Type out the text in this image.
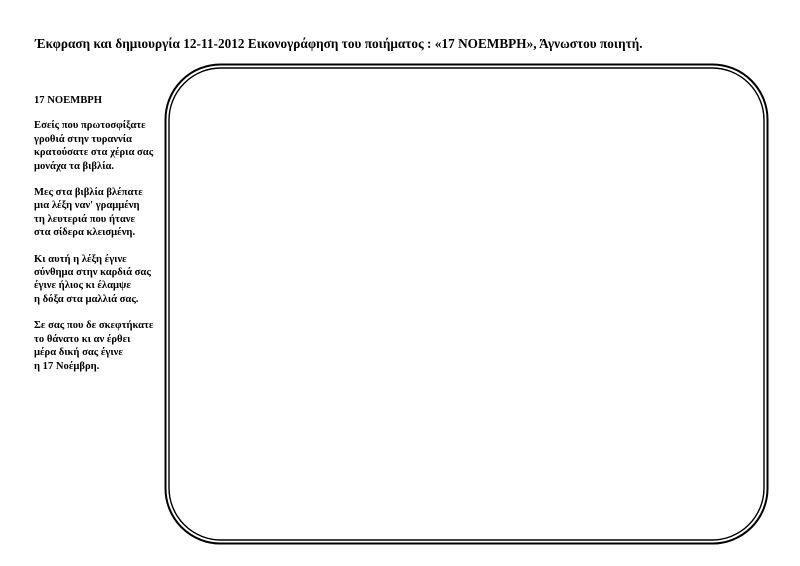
Έκφραση και δημιουργία 12-11-2012 Εικονογράφηση του ποιήματος : «17 ΝΟΕΜΒΡΗ», Άγνωστου ποιητή.
17 ΝΟΕΜΒΡΗ
Εσείς που πρωτοσφίξατε
γροθιά στην τυραννία
κρατούσατε στα χέρια σας
μονάχα τα βιβλία.
Μες στα βιβλία βλέπατε
μια λέξη ναν' γραμμένη
τη λευτεριά που ήτανε
στα σίδερα κλεισμένη.
Κι αυτή η λέξη έγινε
σύνθημα στην καρδιά σας
έγινε ήλιος κι έλαμψε
η δόξα στα μαλλιά σας.
Σε σας που δε σκεφτήκατε
το θάνατο κι αν έρθει
μέρα δική σας έγινε
η 17 Νοέμβρη.
